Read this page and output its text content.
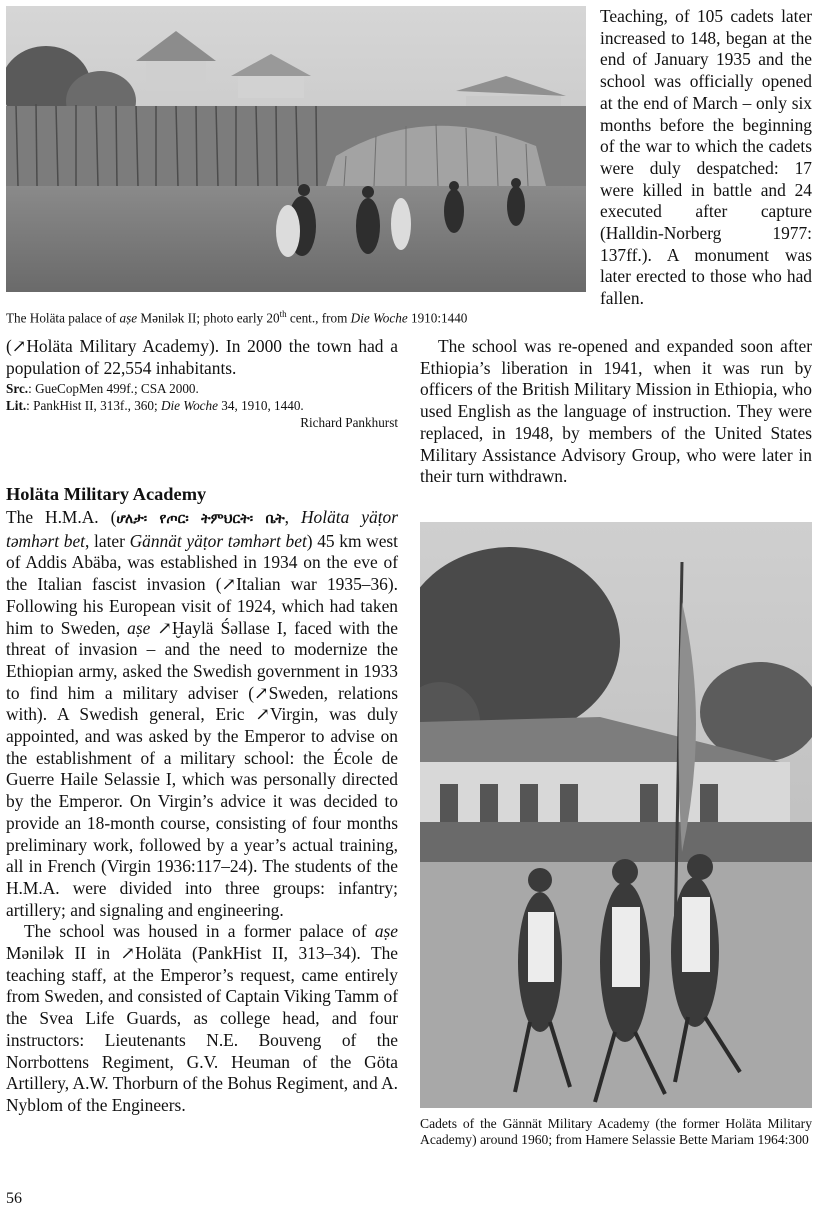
The Holäta palace of aṣe Mənilək II; photo early 20th cent., from Die Woche 1910:1440

Teaching, of 105 cadets later increased to 148, began at the end of January 1935 and the school was officially opened at the end of March – only six months before the beginning of the war to which the cadets were duly despatched: 17 were killed in battle and 24 executed after capture (Halldin-Norberg 1977: 137ff.). A monument was later erected to those who had fallen.

(↗Holäta Military Academy). In 2000 the town had a population of 22,554 inhabitants.

Src.: GueCopMen 499f.; CSA 2000.

Lit.: PankHist II, 313f., 360; Die Woche 34, 1910, 1440.

Richard Pankhurst

Holäta Military Academy

The H.M.A. (ሆለታ፡ የጦር፡ ትምህርት፡ ቤት, Holäta yäṭor təmhərt bet, later Gännät yäṭor təmhərt bet) 45 km west of Addis Abäba, was established in 1934 on the eve of the Italian fascist invasion (↗Italian war 1935–36). Following his European visit of 1924, which had taken him to Sweden, aṣe ↗Ḫaylä Śəllase I, faced with the threat of invasion – and the need to modernize the Ethiopian army, asked the Swedish government in 1933 to find him a military adviser (↗Sweden, relations with). A Swedish general, Eric ↗Virgin, was duly appointed, and was asked by the Emperor to advise on the establishment of a military school: the École de Guerre Haile Selassie I, which was personally directed by the Emperor. On Virgin’s advice it was decided to provide an 18-month course, consisting of four months preliminary work, followed by a year’s actual training, all in French (Virgin 1936:117–24). The students of the H.M.A. were divided into three groups: infantry; artillery; and signaling and engineering.

The school was housed in a former palace of aṣe Mənilək II in ↗Holäta (PankHist II, 313–34). The teaching staff, at the Emperor’s request, came entirely from Sweden, and consisted of Captain Viking Tamm of the Svea Life Guards, as college head, and four instructors: Lieutenants N.E. Bouveng of the Norrbottens Regiment, G.V. Heuman of the Göta Artillery, A.W. Thorburn of the Bohus Regiment, and A. Nyblom of the Engineers.

The school was re-opened and expanded soon after Ethiopia’s liberation in 1941, when it was run by officers of the British Military Mission in Ethiopia, who used English as the language of instruction. They were replaced, in 1948, by members of the United States Military Assistance Advisory Group, who were later in their turn withdrawn.

Cadets of the Gännät Military Academy (the former Holäta Military Academy) around 1960; from Hamere Selassie Bette Mariam 1964:300
56
